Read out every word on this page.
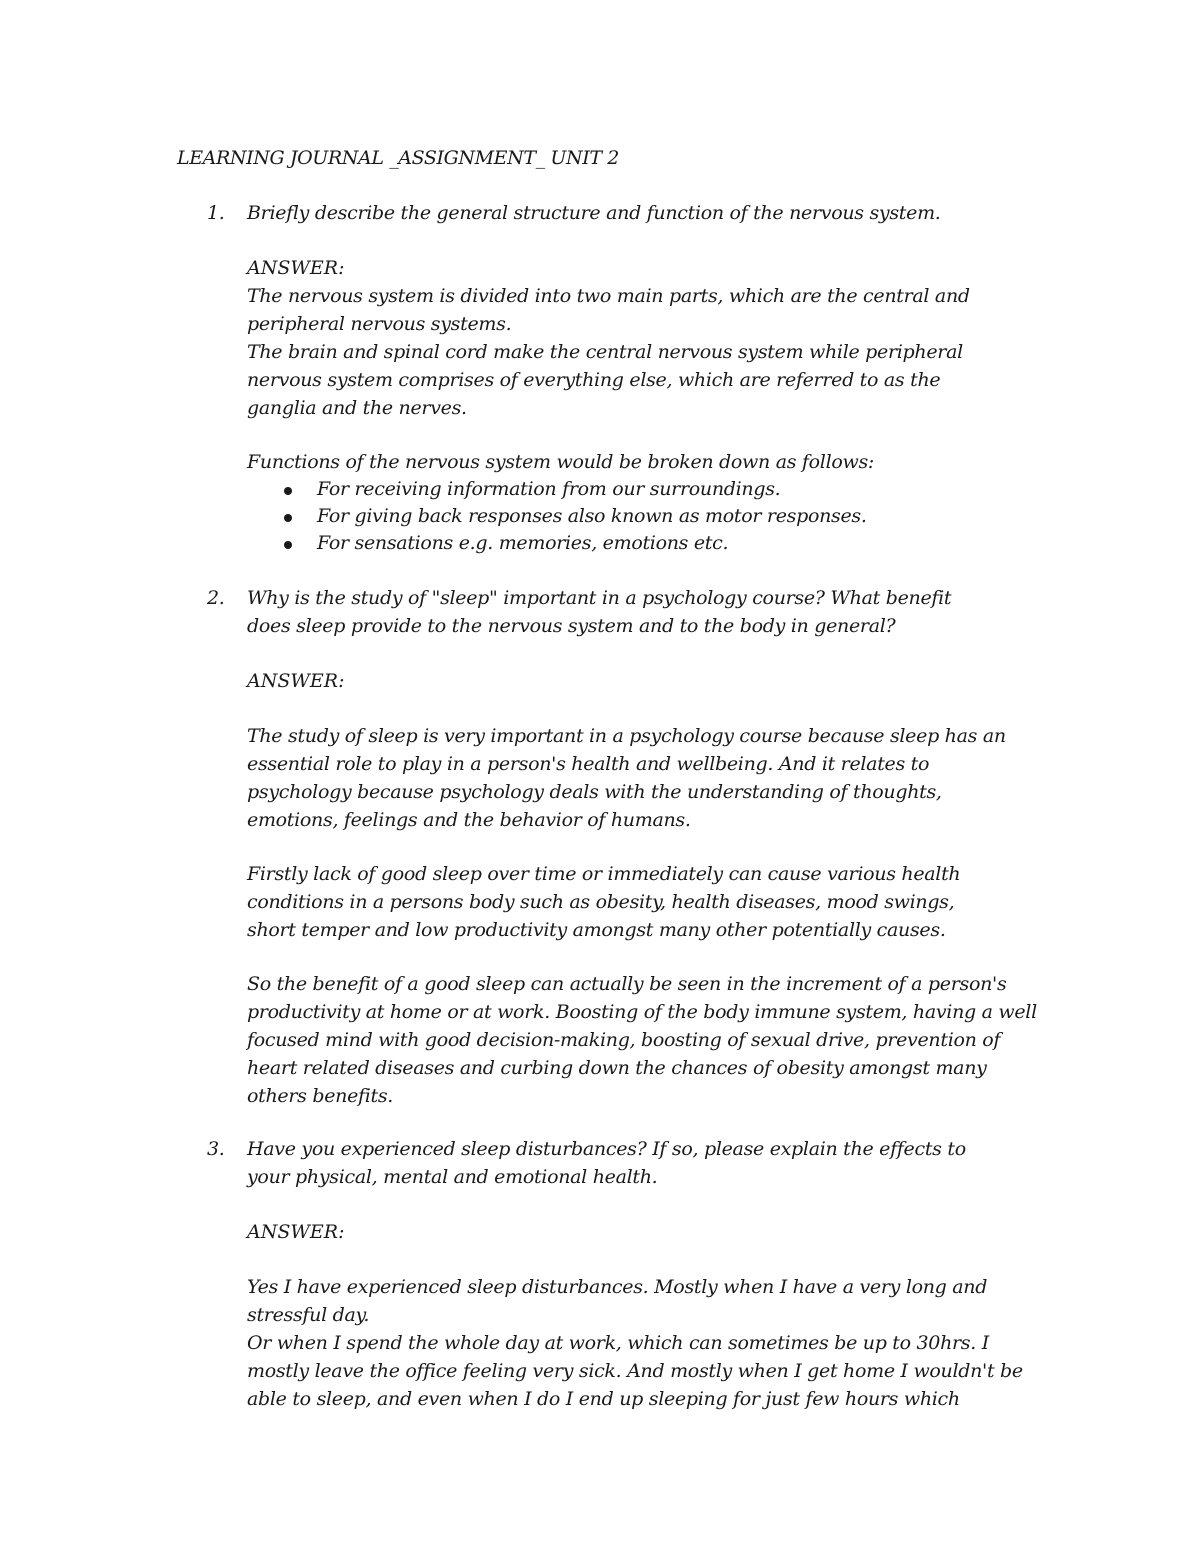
LEARNING JOURNAL _ASSIGNMENT_ UNIT 2
1. Briefly describe the general structure and function of the nervous system.
ANSWER:

The nervous system is divided into two main parts, which are the central and peripheral nervous systems.

The brain and spinal cord make the central nervous system while peripheral nervous system comprises of everything else, which are referred to as the ganglia and the nerves.

Functions of the nervous system would be broken down as follows:
For receiving information from our surroundings.
For giving back responses also known as motor responses.
For sensations e.g. memories, emotions etc.
2. Why is the study of "sleep" important in a psychology course? What benefit does sleep provide to the nervous system and to the body in general?
ANSWER:
The study of sleep is very important in a psychology course because sleep has an essential role to play in a person's health and wellbeing. And it relates to psychology because psychology deals with the understanding of thoughts, emotions, feelings and the behavior of humans.
Firstly lack of good sleep over time or immediately can cause various health conditions in a persons body such as obesity, health diseases, mood swings, short temper and low productivity amongst many other potentially causes.
So the benefit of a good sleep can actually be seen in the increment of a person's productivity at home or at work. Boosting of the body immune system, having a well focused mind with good decision-making, boosting of sexual drive, prevention of heart related diseases and curbing down the chances of obesity amongst many others benefits.
3. Have you experienced sleep disturbances? If so, please explain the effects to your physical, mental and emotional health.
ANSWER:

Yes I have experienced sleep disturbances. Mostly when I have a very long and stressful day.

Or when I spend the whole day at work, which can sometimes be up to 30hrs. I mostly leave the office feeling very sick. And mostly when I get home I wouldn't be able to sleep, and even when I do I end up sleeping for just few hours which
